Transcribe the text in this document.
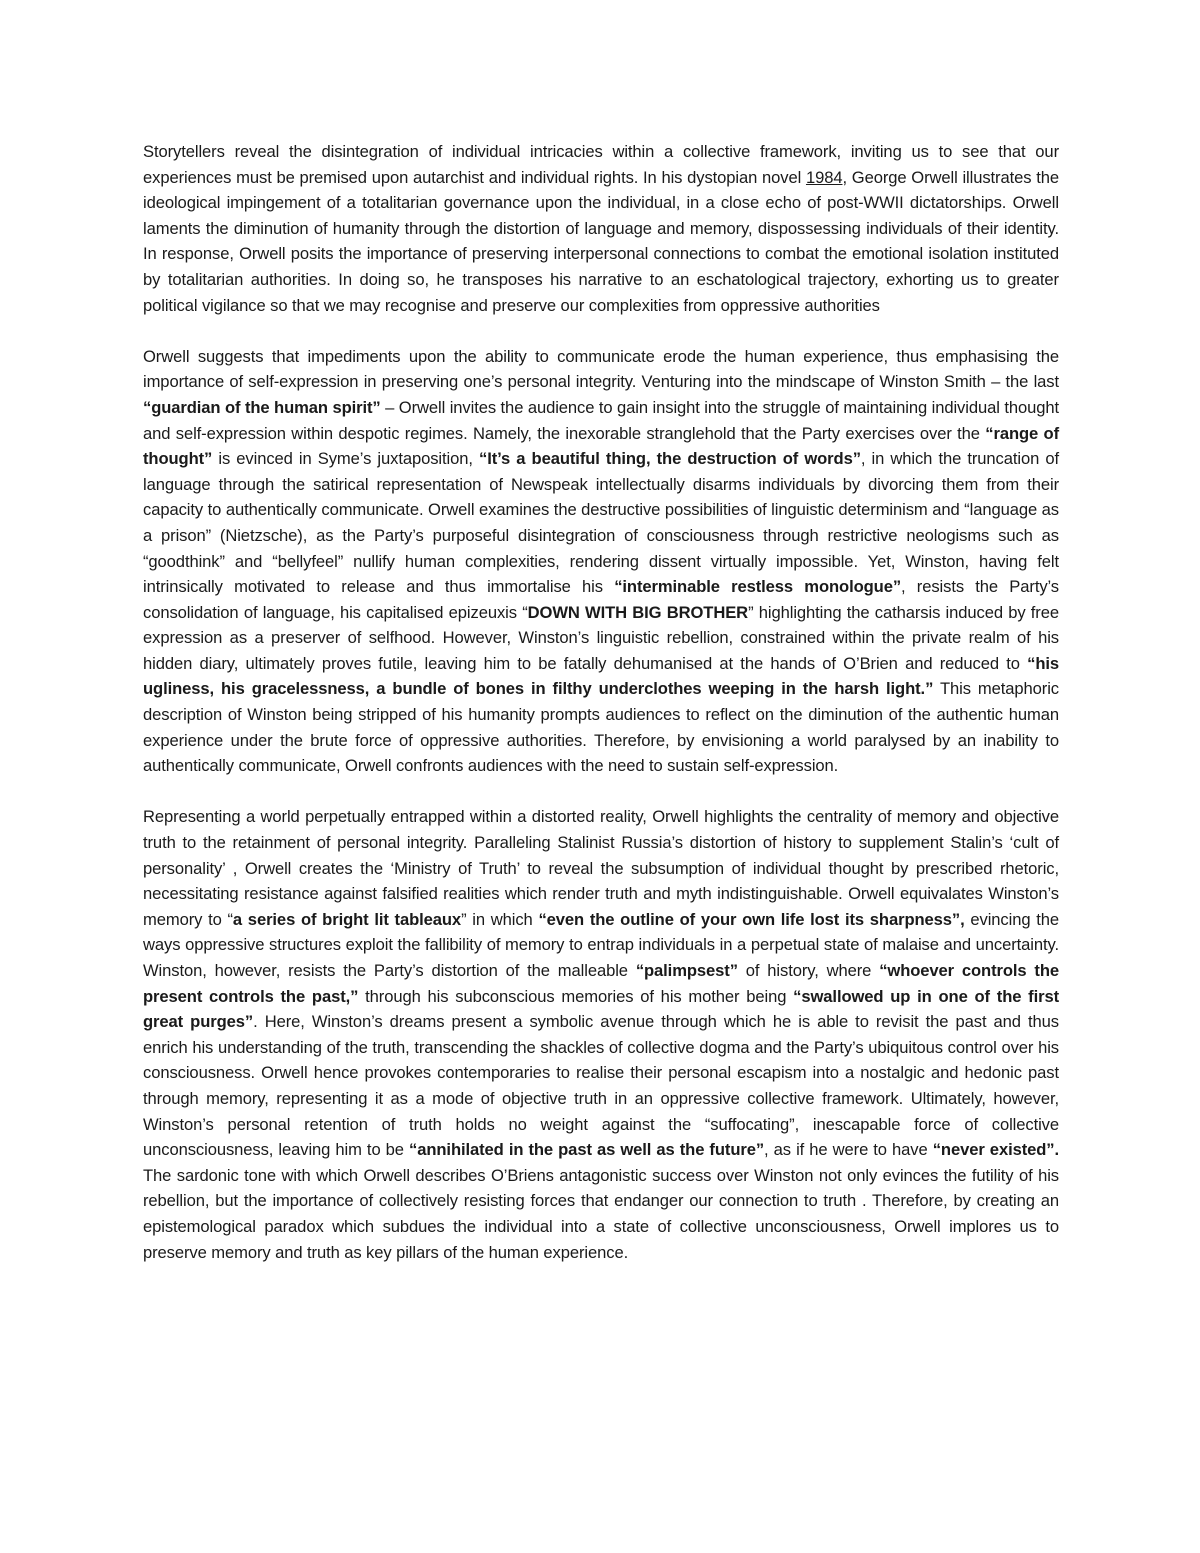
Storytellers reveal the disintegration of individual intricacies within a collective framework, inviting us to see that our experiences must be premised upon autarchist and individual rights. In his dystopian novel 1984, George Orwell illustrates the ideological impingement of a totalitarian governance upon the individual, in a close echo of post-WWII dictatorships. Orwell laments the diminution of humanity through the distortion of language and memory, dispossessing individuals of their identity. In response, Orwell posits the importance of preserving interpersonal connections to combat the emotional isolation instituted by totalitarian authorities. In doing so, he transposes his narrative to an eschatological trajectory, exhorting us to greater political vigilance so that we may recognise and preserve our complexities from oppressive authorities

Orwell suggests that impediments upon the ability to communicate erode the human experience, thus emphasising the importance of self-expression in preserving one’s personal integrity. Venturing into the mindscape of Winston Smith – the last “guardian of the human spirit” – Orwell invites the audience to gain insight into the struggle of maintaining individual thought and self-expression within despotic regimes. Namely, the inexorable stranglehold that the Party exercises over the “range of thought” is evinced in Syme’s juxtaposition, “It’s a beautiful thing, the destruction of words”, in which the truncation of language through the satirical representation of Newspeak intellectually disarms individuals by divorcing them from their capacity to authentically communicate. Orwell examines the destructive possibilities of linguistic determinism and “language as a prison” (Nietzsche), as the Party’s purposeful disintegration of consciousness through restrictive neologisms such as “goodthink” and “bellyfeel” nullify human complexities, rendering dissent virtually impossible. Yet, Winston, having felt intrinsically motivated to release and thus immortalise his “interminable restless monologue”, resists the Party’s consolidation of language, his capitalised epizeuxis “DOWN WITH BIG BROTHER” highlighting the catharsis induced by free expression as a preserver of selfhood. However, Winston’s linguistic rebellion, constrained within the private realm of his hidden diary, ultimately proves futile, leaving him to be fatally dehumanised at the hands of O’Brien and reduced to “his ugliness, his gracelessness, a bundle of bones in filthy underclothes weeping in the harsh light.” This metaphoric description of Winston being stripped of his humanity prompts audiences to reflect on the diminution of the authentic human experience under the brute force of oppressive authorities. Therefore, by envisioning a world paralysed by an inability to authentically communicate, Orwell confronts audiences with the need to sustain self-expression.

Representing a world perpetually entrapped within a distorted reality, Orwell highlights the centrality of memory and objective truth to the retainment of personal integrity. Paralleling Stalinist Russia’s distortion of history to supplement Stalin’s ‘cult of personality’ , Orwell creates the ‘Ministry of Truth’ to reveal the subsumption of individual thought by prescribed rhetoric, necessitating resistance against falsified realities which render truth and myth indistinguishable. Orwell equivalates Winston’s memory to “a series of bright lit tableaux” in which “even the outline of your own life lost its sharpness”, evincing the ways oppressive structures exploit the fallibility of memory to entrap individuals in a perpetual state of malaise and uncertainty. Winston, however, resists the Party’s distortion of the malleable “palimpsest” of history, where “whoever controls the present controls the past,” through his subconscious memories of his mother being “swallowed up in one of the first great purges”. Here, Winston’s dreams present a symbolic avenue through which he is able to revisit the past and thus enrich his understanding of the truth, transcending the shackles of collective dogma and the Party’s ubiquitous control over his consciousness. Orwell hence provokes contemporaries to realise their personal escapism into a nostalgic and hedonic past through memory, representing it as a mode of objective truth in an oppressive collective framework. Ultimately, however, Winston’s personal retention of truth holds no weight against the “suffocating”, inescapable force of collective unconsciousness, leaving him to be “annihilated in the past as well as the future”, as if he were to have “never existed”. The sardonic tone with which Orwell describes O’Briens antagonistic success over Winston not only evinces the futility of his rebellion, but the importance of collectively resisting forces that endanger our connection to truth . Therefore, by creating an epistemological paradox which subdues the individual into a state of collective unconsciousness, Orwell implores us to preserve memory and truth as key pillars of the human experience.
